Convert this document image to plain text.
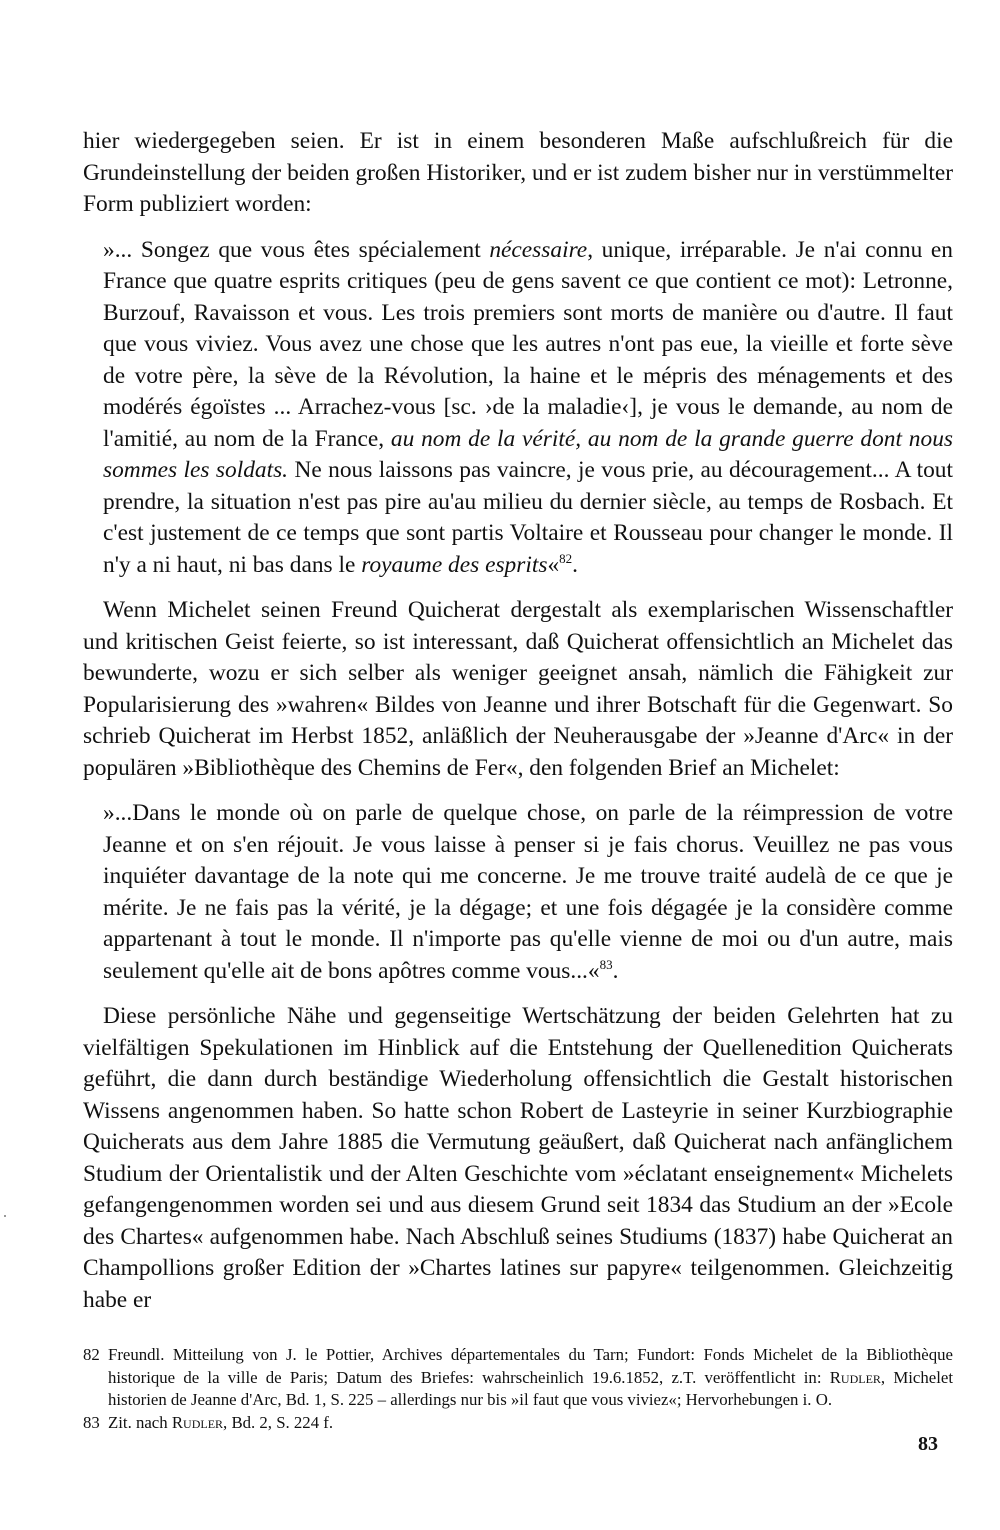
hier wiedergegeben seien. Er ist in einem besonderen Maße aufschlußreich für die Grundeinstellung der beiden großen Historiker, und er ist zudem bisher nur in verstümmelter Form publiziert worden:

»... Songez que vous êtes spécialement nécessaire, unique, irréparable. Je n'ai connu en France que quatre esprits critiques (peu de gens savent ce que contient ce mot): Letronne, Burzouf, Ravaisson et vous. Les trois premiers sont morts de manière ou d'autre. Il faut que vous viviez. Vous avez une chose que les autres n'ont pas eue, la vieille et forte sève de votre père, la sève de la Révolution, la haine et le mépris des ménagements et des modérés égoïstes ... Arrachez-vous [sc. ›de la maladie‹], je vous le demande, au nom de l'amitié, au nom de la France, au nom de la vérité, au nom de la grande guerre dont nous sommes les soldats. Ne nous laissons pas vaincre, je vous prie, au découragement... A tout prendre, la situation n'est pas pire au'au milieu du dernier siècle, au temps de Rosbach. Et c'est justement de ce temps que sont partis Voltaire et Rousseau pour changer le monde. Il n'y a ni haut, ni bas dans le royaume des esprits«$^{82}$.

Wenn Michelet seinen Freund Quicherat dergestalt als exemplarischen Wissenschaftler und kritischen Geist feierte, so ist interessant, daß Quicherat offensichtlich an Michelet das bewunderte, wozu er sich selber als weniger geeignet ansah, nämlich die Fähigkeit zur Popularisierung des »wahren« Bildes von Jeanne und ihrer Botschaft für die Gegenwart. So schrieb Quicherat im Herbst 1852, anläßlich der Neuherausgabe der »Jeanne d'Arc« in der populären »Bibliothèque des Chemins de Fer«, den folgenden Brief an Michelet:

»...Dans le monde où on parle de quelque chose, on parle de la réimpression de votre Jeanne et on s'en réjouit. Je vous laisse à penser si je fais chorus. Veuillez ne pas vous inquiéter davantage de la note qui me concerne. Je me trouve traité audelà de ce que je mérite. Je ne fais pas la vérité, je la dégage; et une fois dégagée je la considère comme appartenant à tout le monde. Il n'importe pas qu'elle vienne de moi ou d'un autre, mais seulement qu'elle ait de bons apôtres comme vous...«$^{83}$.

Diese persönliche Nähe und gegenseitige Wertschätzung der beiden Gelehrten hat zu vielfältigen Spekulationen im Hinblick auf die Entstehung der Quellenedition Quicherats geführt, die dann durch beständige Wiederholung offensichtlich die Gestalt historischen Wissens angenommen haben. So hatte schon Robert de Lasteyrie in seiner Kurzbiographie Quicherats aus dem Jahre 1885 die Vermutung geäußert, daß Quicherat nach anfänglichem Studium der Orientalistik und der Alten Geschichte vom »éclatant enseignement« Michelets gefangengenommen worden sei und aus diesem Grund seit 1834 das Studium an der »Ecole des Chartes« aufgenommen habe. Nach Abschluß seines Studiums (1837) habe Quicherat an Champollions großer Edition der »Chartes latines sur papyre« teilgenommen. Gleichzeitig habe er

82 Freundl. Mitteilung von J. le Pottier, Archives départementales du Tarn; Fundort: Fonds Michelet de la Bibliothèque historique de la ville de Paris; Datum des Briefes: wahrscheinlich 19.6.1852, z.T. veröffentlicht in: Rudler, Michelet historien de Jeanne d'Arc, Bd. 1, S. 225 – allerdings nur bis »il faut que vous viviez«; Hervorhebungen i. O.
83 Zit. nach Rudler, Bd. 2, S. 224 f.
83
